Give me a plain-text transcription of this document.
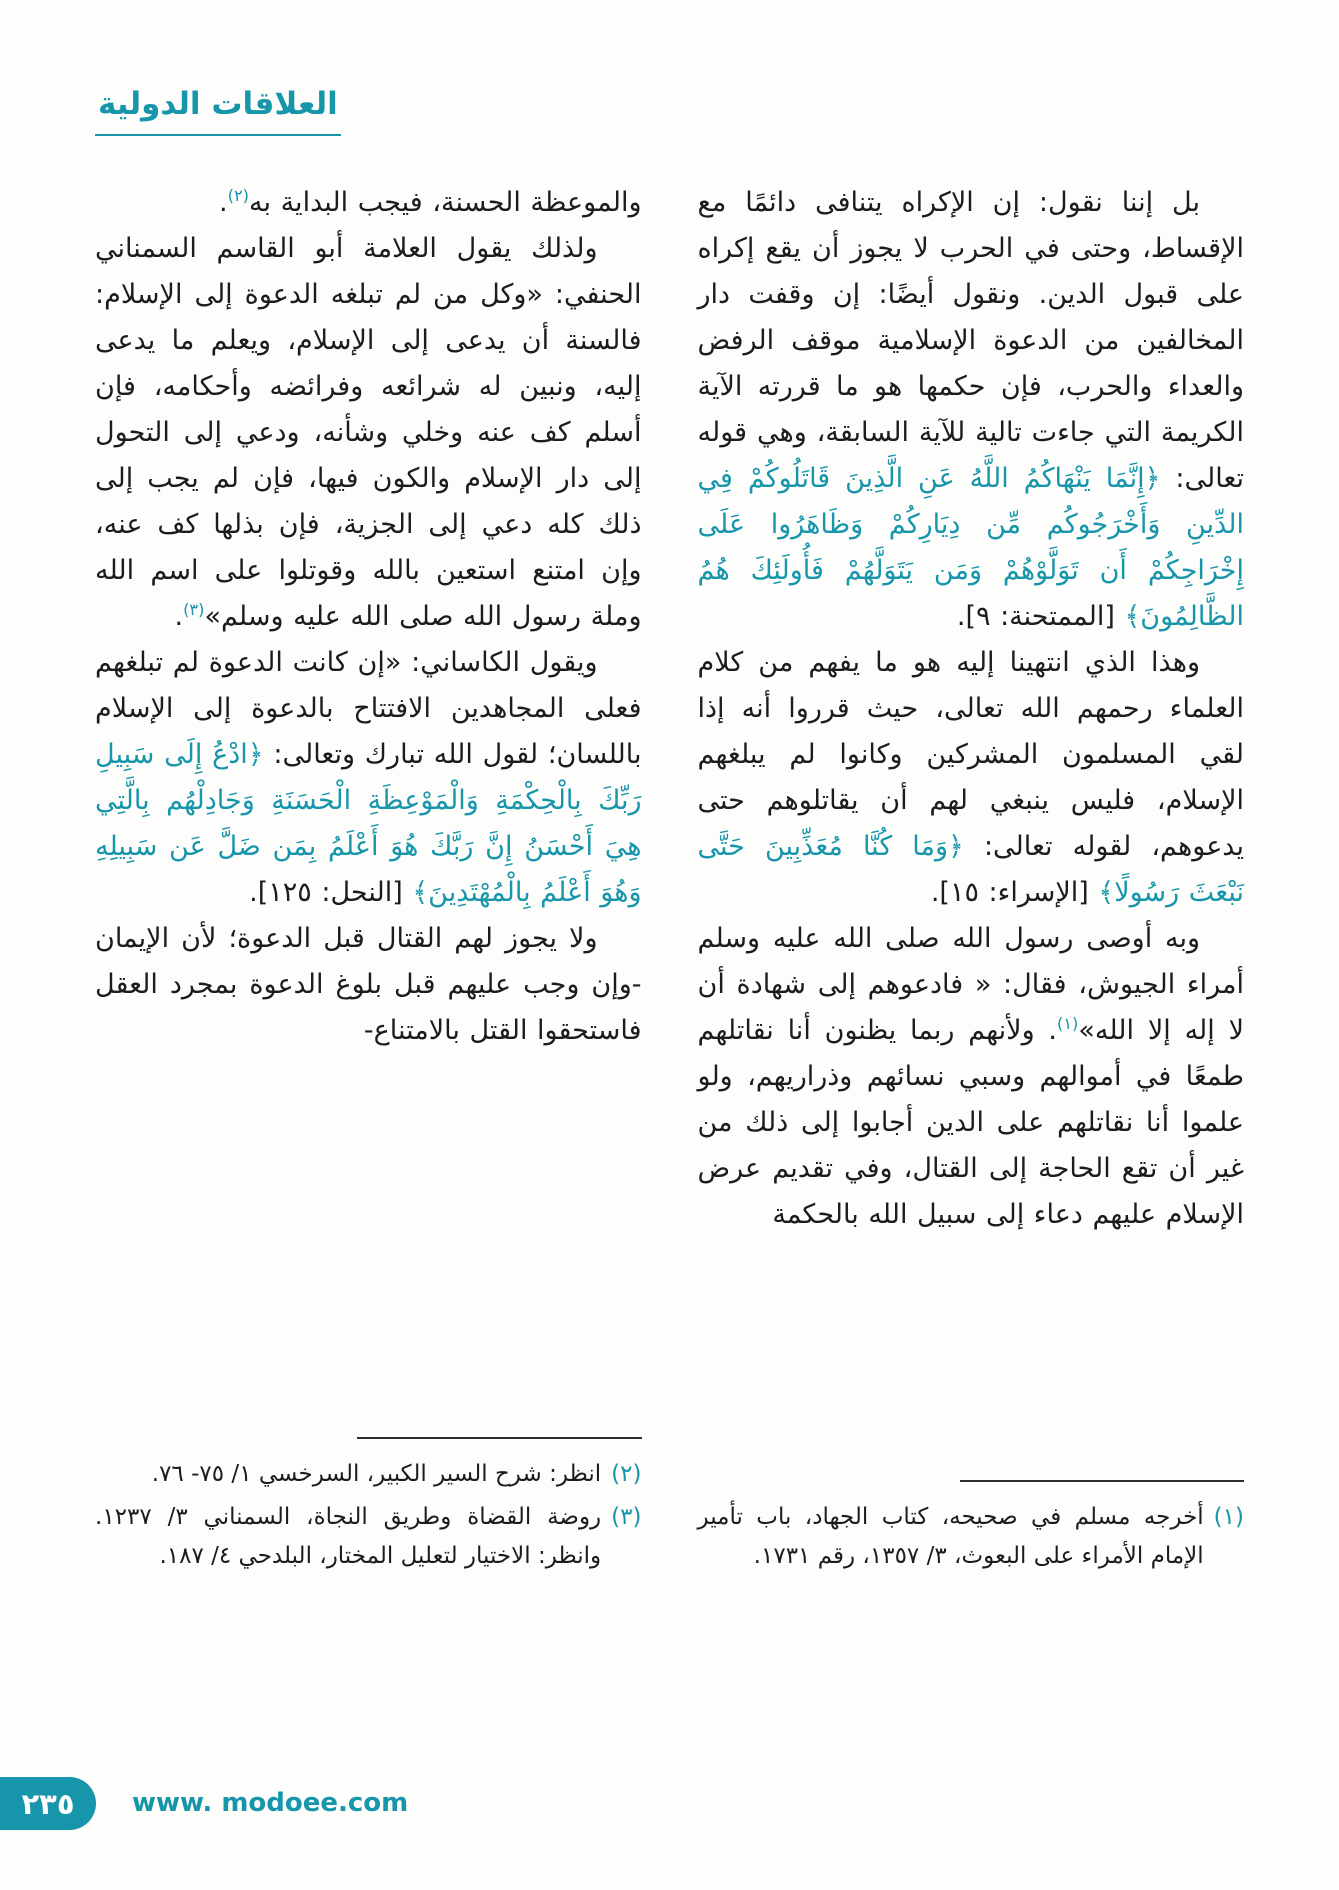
العلاقات الدولية

بل إننا نقول: إن الإكراه يتنافى دائمًا مع الإقساط، وحتى في الحرب لا يجوز أن يقع إكراه على قبول الدين. ونقول أيضًا: إن وقفت دار المخالفين من الدعوة الإسلامية موقف الرفض والعداء والحرب، فإن حكمها هو ما قررته الآية الكريمة التي جاءت تالية للآية السابقة، وهي قوله تعالى: ﴿إِنَّمَا يَنْهَاكُمُ اللَّهُ عَنِ الَّذِينَ قَاتَلُوكُمْ فِي الدِّينِ وَأَخْرَجُوكُم مِّن دِيَارِكُمْ وَظَاهَرُوا عَلَى إِخْرَاجِكُمْ أَن تَوَلَّوْهُمْ وَمَن يَتَوَلَّهُمْ فَأُولَئِكَ هُمُ الظَّالِمُونَ﴾ [الممتحنة: ٩].

وهذا الذي انتهينا إليه هو ما يفهم من كلام العلماء رحمهم الله تعالى، حيث قرروا أنه إذا لقي المسلمون المشركين وكانوا لم يبلغهم الإسلام، فليس ينبغي لهم أن يقاتلوهم حتى يدعوهم، لقوله تعالى: ﴿وَمَا كُنَّا مُعَذِّبِينَ حَتَّى نَبْعَثَ رَسُولًا﴾ [الإسراء: ١٥].

وبه أوصى رسول الله صلى الله عليه وسلم أمراء الجيوش، فقال: « فادعوهم إلى شهادة أن لا إله إلا الله»$^{(١)}$. ولأنهم ربما يظنون أنا نقاتلهم طمعًا في أموالهم وسبي نسائهم وذراريهم، ولو علموا أنا نقاتلهم على الدين أجابوا إلى ذلك من غير أن تقع الحاجة إلى القتال، وفي تقديم عرض الإسلام عليهم دعاء إلى سبيل الله بالحكمة

(١)
أخرجه مسلم في صحيحه، كتاب الجهاد، باب تأمير الإمام الأمراء على البعوث، ٣/ ١٣٥٧، رقم ١٧٣١.

والموعظة الحسنة، فيجب البداية به$^{(٢)}$.

ولذلك يقول العلامة أبو القاسم السمناني الحنفي: «وكل من لم تبلغه الدعوة إلى الإسلام: فالسنة أن يدعى إلى الإسلام، ويعلم ما يدعى إليه، ونبين له شرائعه وفرائضه وأحكامه، فإن أسلم كف عنه وخلي وشأنه، ودعي إلى التحول إلى دار الإسلام والكون فيها، فإن لم يجب إلى ذلك كله دعي إلى الجزية، فإن بذلها كف عنه، وإن امتنع استعين بالله وقوتلوا على اسم الله وملة رسول الله صلى الله عليه وسلم»$^{(٣)}$.

ويقول الكاساني: «إن كانت الدعوة لم تبلغهم فعلى المجاهدين الافتتاح بالدعوة إلى الإسلام باللسان؛ لقول الله تبارك وتعالى: ﴿ادْعُ إِلَى سَبِيلِ رَبِّكَ بِالْحِكْمَةِ وَالْمَوْعِظَةِ الْحَسَنَةِ وَجَادِلْهُم بِالَّتِي هِيَ أَحْسَنُ إِنَّ رَبَّكَ هُوَ أَعْلَمُ بِمَن ضَلَّ عَن سَبِيلِهِ وَهُوَ أَعْلَمُ بِالْمُهْتَدِينَ﴾ [النحل: ١٢٥].

ولا يجوز لهم القتال قبل الدعوة؛ لأن الإيمان -وإن وجب عليهم قبل بلوغ الدعوة بمجرد العقل فاستحقوا القتل بالامتناع-

(٢)
انظر: شرح السير الكبير، السرخسي ١/ ٧٥- ٧٦.
(٣)
روضة القضاة وطريق النجاة، السمناني ٣/ ١٢٣٧. وانظر: الاختيار لتعليل المختار، البلدحي ٤/ ١٨٧.
٢٣٥ www. modoee.com
